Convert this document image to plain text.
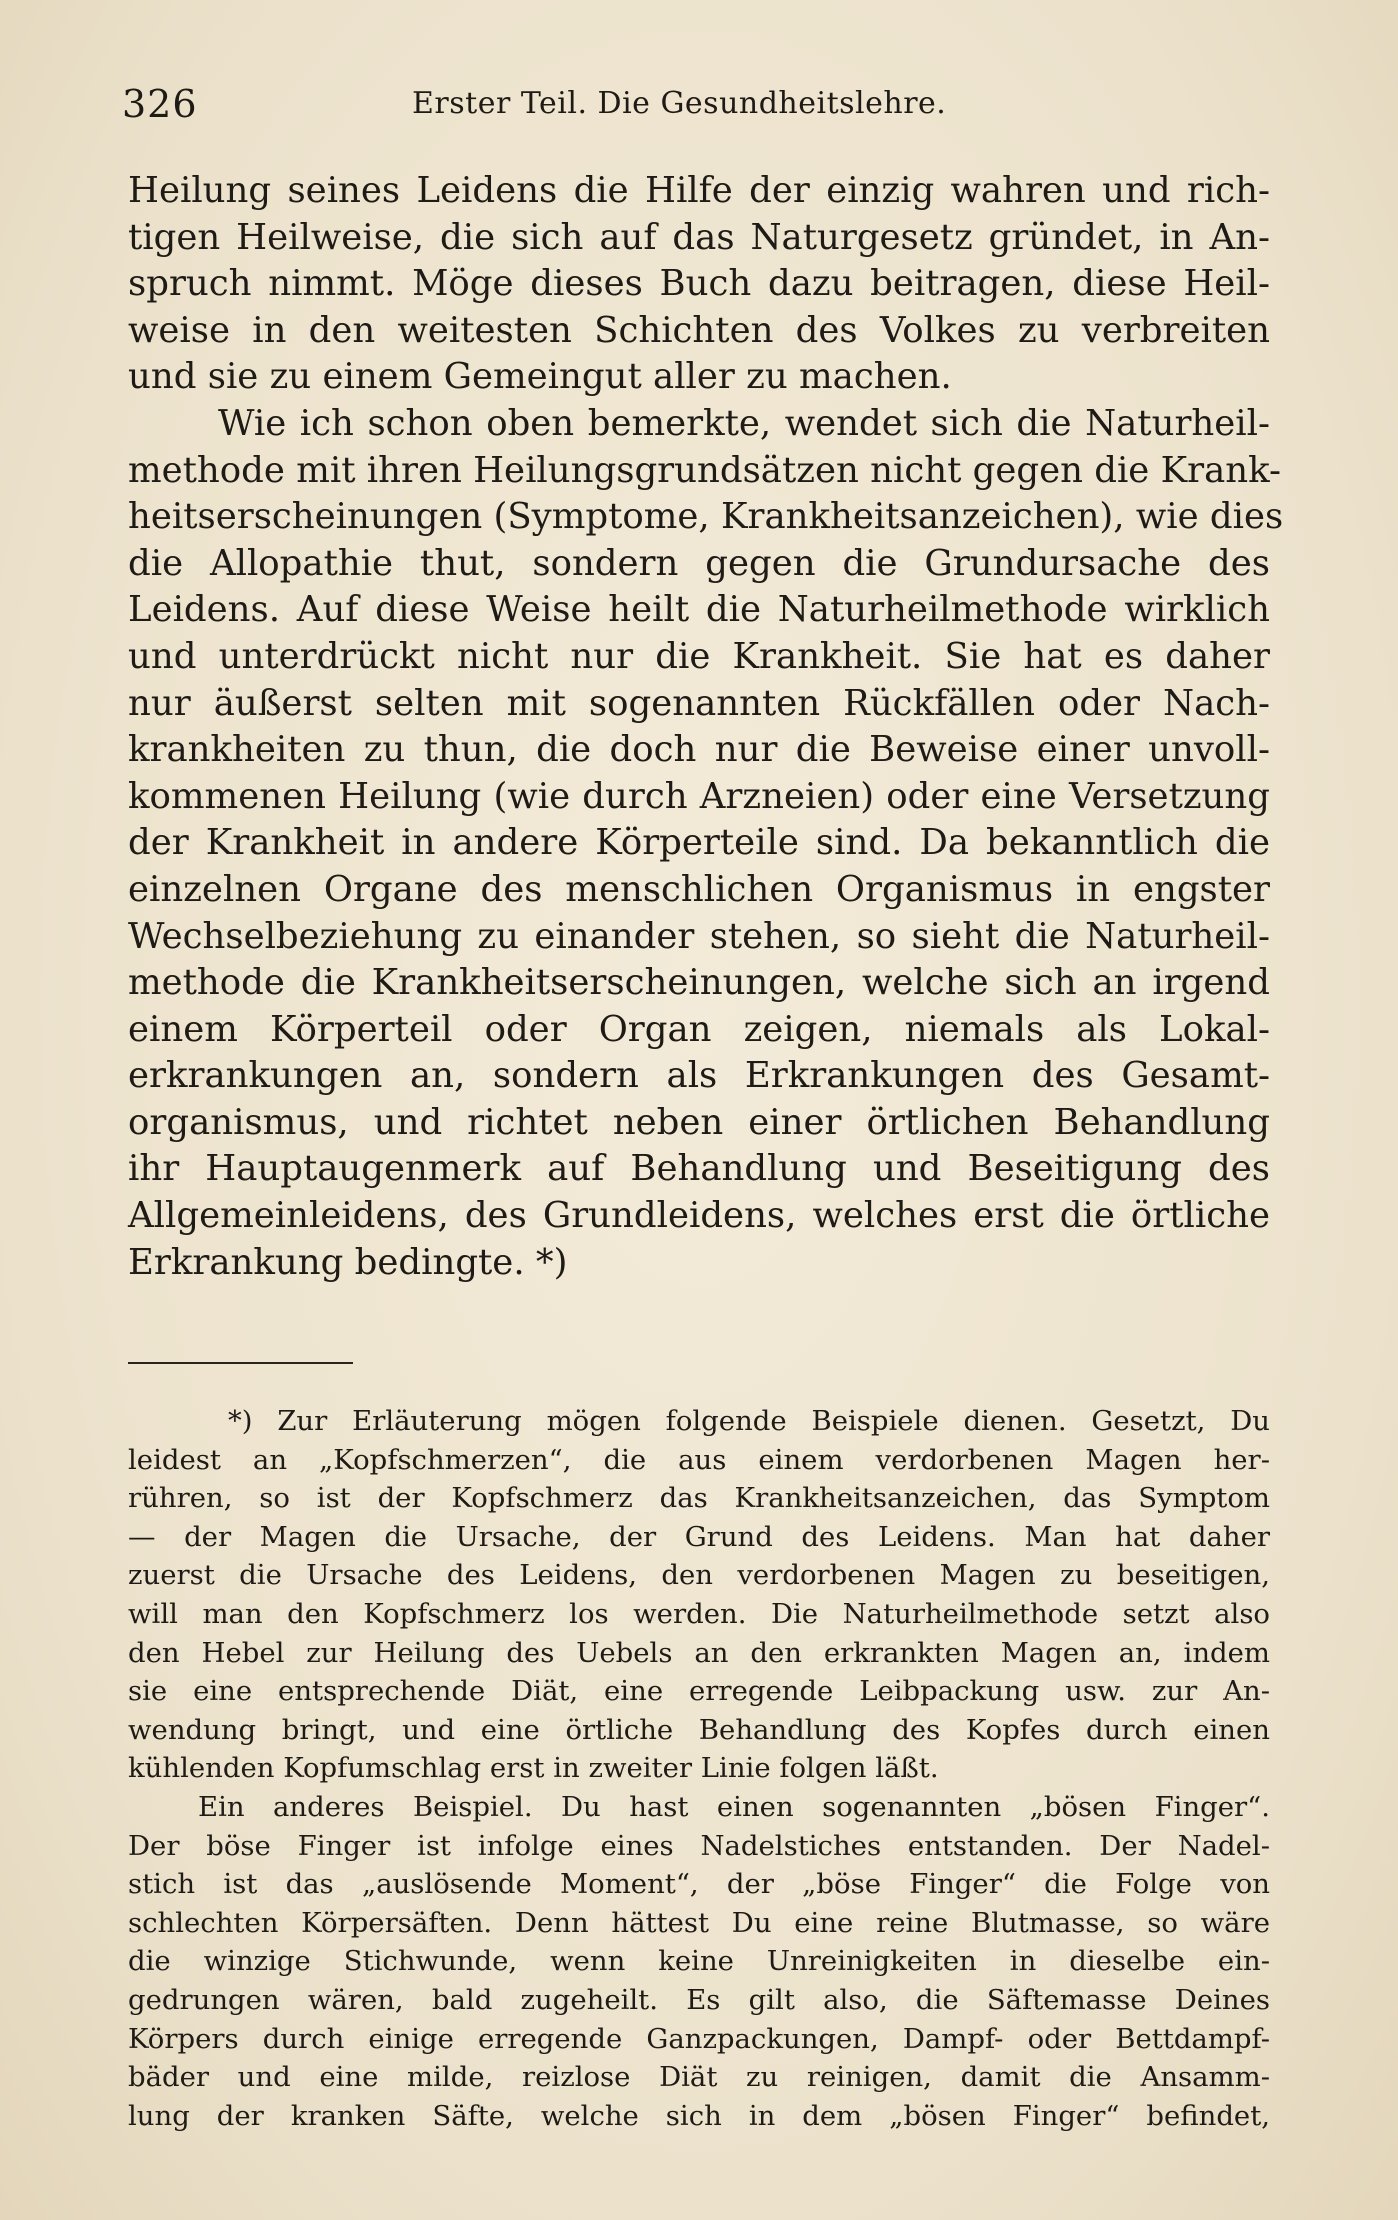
326	Erster Teil. Die Gesundheitslehre.
Heilung seines Leidens die Hilfe der einzig wahren und rich-
tigen Heilweise, die sich auf das Naturgesetz gründet, in An-
spruch nimmt. Möge dieses Buch dazu beitragen, diese Heil-
weise in den weitesten Schichten des Volkes zu verbreiten
und sie zu einem Gemeingut aller zu machen.
Wie ich schon oben bemerkte, wendet sich die Naturheil-
methode mit ihren Heilungsgrundsätzen nicht gegen die Krank-
heitserscheinungen (Symptome, Krankheitsanzeichen), wie dies
die Allopathie thut, sondern gegen die Grundursache des
Leidens. Auf diese Weise heilt die Naturheilmethode wirklich
und unterdrückt nicht nur die Krankheit. Sie hat es daher
nur äußerst selten mit sogenannten Rückfällen oder Nach-
krankheiten zu thun, die doch nur die Beweise einer unvoll-
kommenen Heilung (wie durch Arzneien) oder eine Versetzung
der Krankheit in andere Körperteile sind. Da bekanntlich die
einzelnen Organe des menschlichen Organismus in engster
Wechselbeziehung zu einander stehen, so sieht die Naturheil-
methode die Krankheitserscheinungen, welche sich an irgend
einem Körperteil oder Organ zeigen, niemals als Lokal-
erkrankungen an, sondern als Erkrankungen des Gesamt-
organismus, und richtet neben einer örtlichen Behandlung
ihr Hauptaugenmerk auf Behandlung und Beseitigung des
Allgemeinleidens, des Grundleidens, welches erst die örtliche
Erkrankung bedingte. *)
*) Zur Erläuterung mögen folgende Beispiele dienen. Gesetzt, Du
leidest an „Kopfschmerzen“, die aus einem verdorbenen Magen her-
rühren, so ist der Kopfschmerz das Krankheitsanzeichen, das Symptom
— der Magen die Ursache, der Grund des Leidens. Man hat daher
zuerst die Ursache des Leidens, den verdorbenen Magen zu beseitigen,
will man den Kopfschmerz los werden. Die Naturheilmethode setzt also
den Hebel zur Heilung des Uebels an den erkrankten Magen an, indem
sie eine entsprechende Diät, eine erregende Leibpackung usw. zur An-
wendung bringt, und eine örtliche Behandlung des Kopfes durch einen
kühlenden Kopfumschlag erst in zweiter Linie folgen läßt.
Ein anderes Beispiel. Du hast einen sogenannten „bösen Finger“.
Der böse Finger ist infolge eines Nadelstiches entstanden. Der Nadel-
stich ist das „auslösende Moment“, der „böse Finger“ die Folge von
schlechten Körpersäften. Denn hättest Du eine reine Blutmasse, so wäre
die winzige Stichwunde, wenn keine Unreinigkeiten in dieselbe ein-
gedrungen wären, bald zugeheilt. Es gilt also, die Säftemasse Deines
Körpers durch einige erregende Ganzpackungen, Dampf- oder Bettdampf-
bäder und eine milde, reizlose Diät zu reinigen, damit die Ansamm-
lung der kranken Säfte, welche sich in dem „bösen Finger“ befindet,
